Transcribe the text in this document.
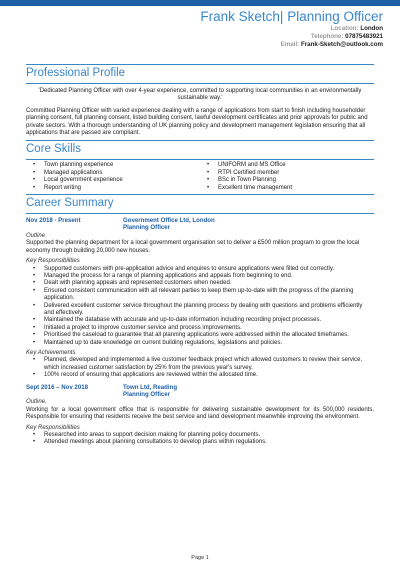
Frank Sketch| Planning Officer
Location: London
Telephone: 07875483921
Email: Frank-Sketch@outlook.com
Professional Profile

'Dedicated Planning Officer with over 4-year experience, committed to supporting local communities in an environmentally sustainable way.'

Committed Planning Officer with varied experience dealing with a range of applications from start to finish including householder planning consent, full planning consent, listed building consent, lawful development certificates and prior approvals for public and private sectors. With a thorough understanding of UK planning policy and development management legislation ensuring that all applications that are passed are compliant.

Core Skills
• Town planning experience
• Managed applications
• Local government experience
• Report writing
• UNIFORM and MS Office
• RTPI Certified member
• BSc in Town Planning
• Excellent time management
Career Summary
Nov 2018 - Present	Government Office Ltd, London
Planning Officer
Outline

Supported the planning department for a local government organisation set to deliver a £500 million program to grow the local economy through building 20,000 new houses.

Key Responsibilities
• Supported customers with pre-application advice and enquires to ensure applications were filled out correctly.
• Managed the process for a range of planning applications and appeals from beginning to end.
• Dealt with planning appeals and represented customers when needed.
• Ensured consistent communication with all relevant parties to keep them up-to-date with the progress of the planning application.
• Delivered excellent customer service throughout the planning process by dealing with questions and problems efficiently and effectively.
• Maintained the database with accurate and up-to-date information including recording project processes.
• Initiated a project to improve customer service and process improvements.
• Prioritised the caseload to guarantee that all planning applications were addressed within the allocated timeframes.
• Maintained up to date knowledge on current building regulations, legislations and policies.
Key Achievements
• Planned, developed and implemented a live customer feedback project which allowed customers to review their service, which increased customer satisfaction by 25% from the previous year's survey.
• 100% record of ensuring that applications are reviewed within the allocated time.
Sept 2016 – Nov 2018	Town Ltd, Reading
Planning Officer
Outline.

Working for a local government office that is responsible for delivering sustainable development for its 500,000 residents. Responsible for ensuring that residents receive the best service and land development meanwhile improving the environment.

Key Responsibilities
• Researched into areas to support decision making for planning policy documents.
• Attended meetings about planning consultations to develop plans within regulations.
Page 1
